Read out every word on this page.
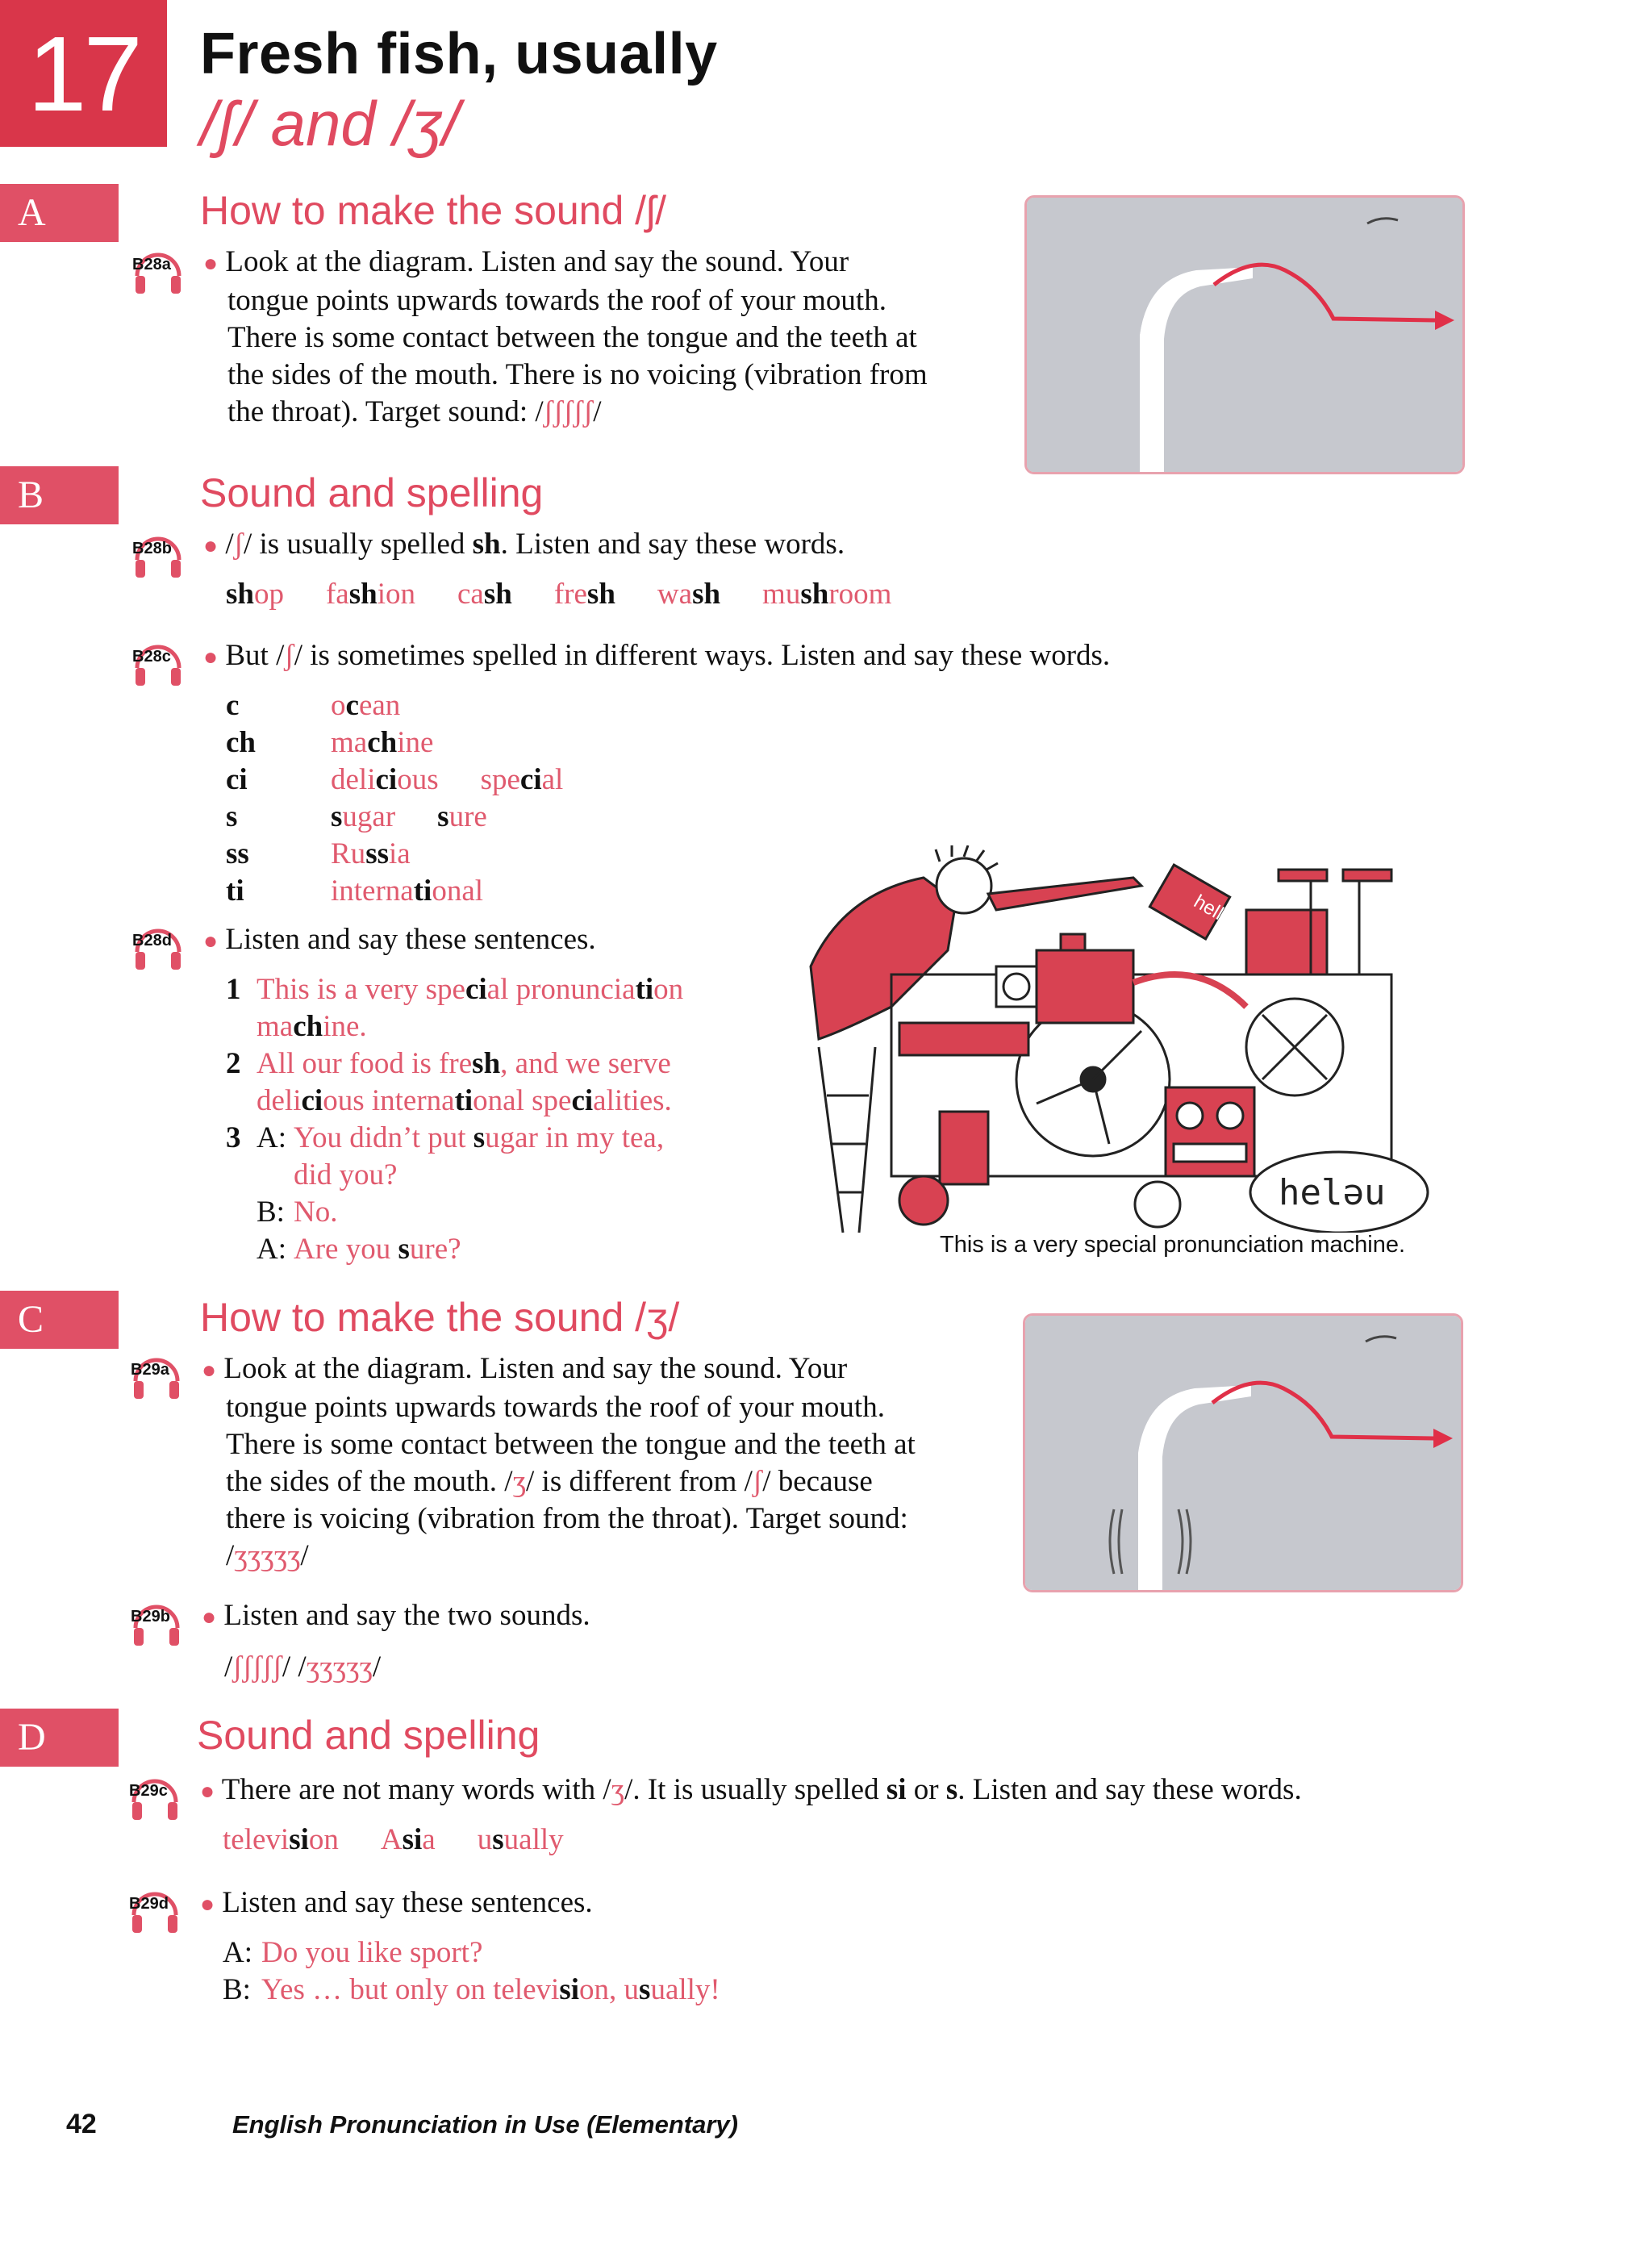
17 Fresh fish, usually
/ʃ/ and /ʒ/
A	How to make the sound /ʃ/
B28a ● Look at the diagram. Listen and say the sound. Your
tongue points upwards towards the roof of your mouth.
There is some contact between the tongue and the teeth at
the sides of the mouth. There is no voicing (vibration from
the throat). Target sound: /ʃʃʃʃʃ/
B	Sound and spelling
B28b ● /ʃ/ is usually spelled sh. Listen and say these words.
shop fashion cash fresh wash mushroom
B28c ● But /ʃ/ is sometimes spelled in different ways. Listen and say these words.
c	ocean
ch	machine
ci	delicious special
s	sugar sure
ss	Russia
ti	international
B28d ● Listen and say these sentences.
1 This is a very special pronunciation
machine.
2 All our food is fresh, and we serve
delicious international specialities.
3 A: You didn’t put sugar in my tea,
did you?
B: No.
A: Are you sure?
hello
heləu
This is a very special pronunciation machine.
C	How to make the sound /ʒ/
B29a ● Look at the diagram. Listen and say the sound. Your
tongue points upwards towards the roof of your mouth.
There is some contact between the tongue and the teeth at
the sides of the mouth. /ʒ/ is different from /ʃ/ because
there is voicing (vibration from the throat). Target sound:
/ʒʒʒʒʒ/
B29b ● Listen and say the two sounds.
/ʃʃʃʃʃ/ /ʒʒʒʒʒ/
D	Sound and spelling
B29c ● There are not many words with /ʒ/. It is usually spelled si or s. Listen and say these words.
television Asia usually
B29d ● Listen and say these sentences.
A: Do you like sport?
B: Yes … but only on television, usually!
42	English Pronunciation in Use (Elementary)
